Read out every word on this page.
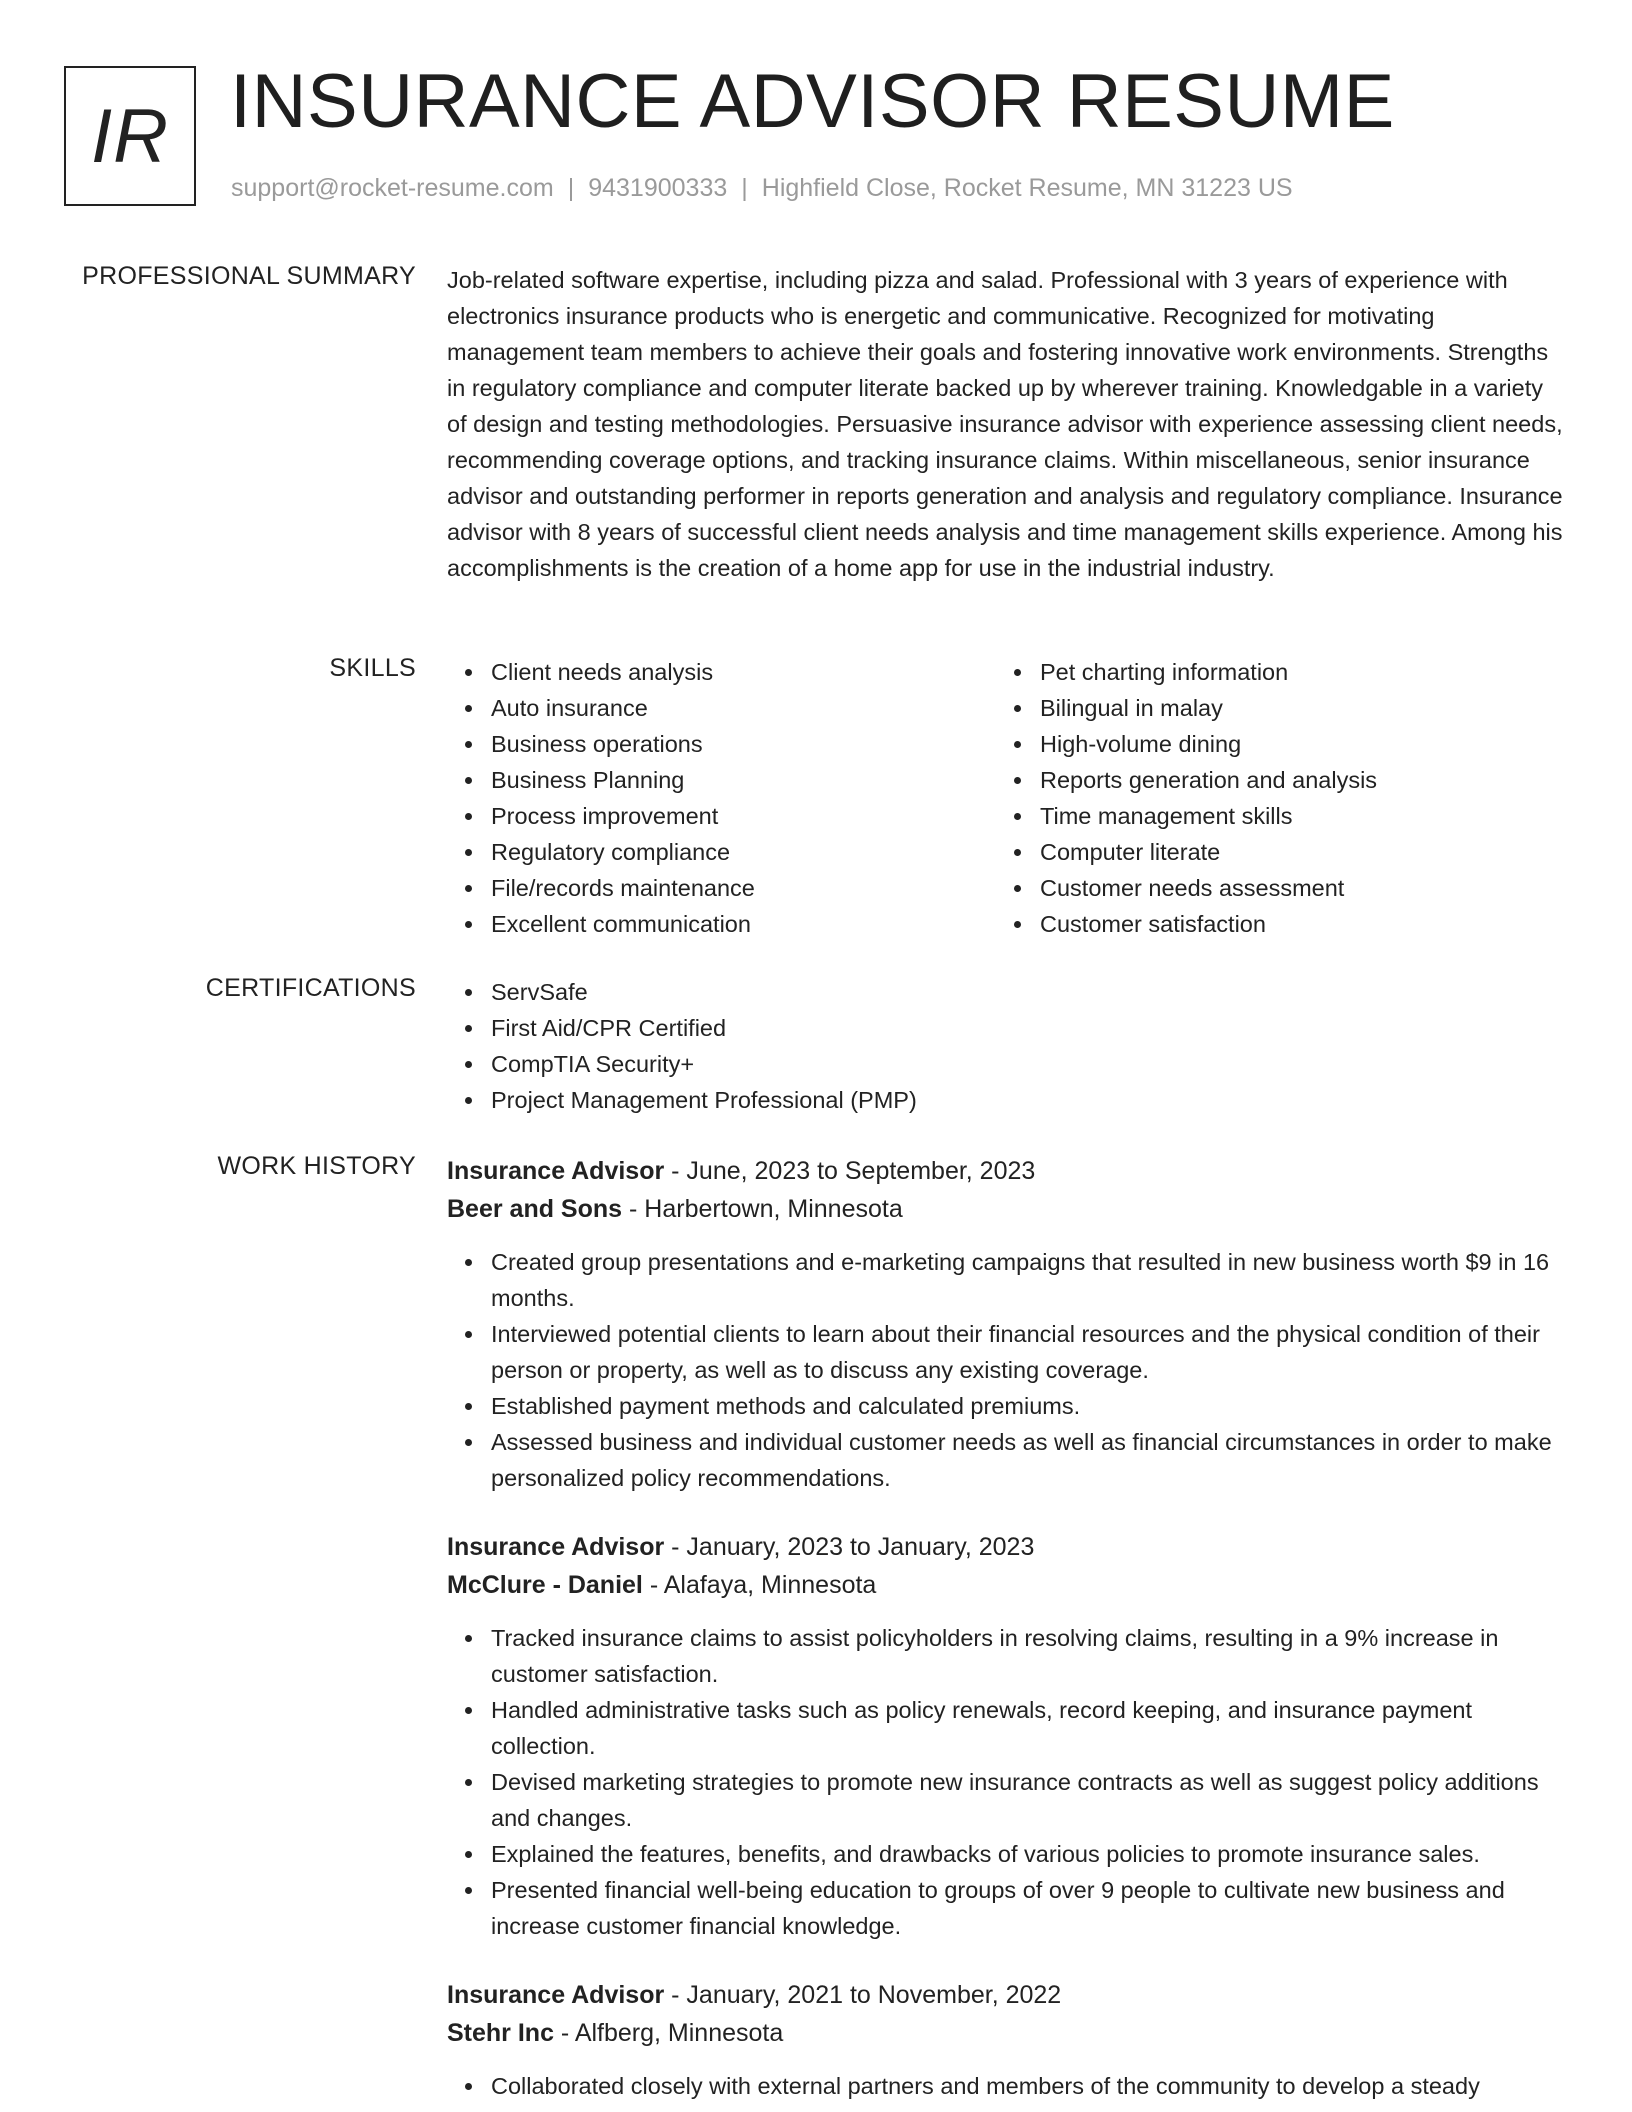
IR INSURANCE ADVISOR RESUME
support@rocket-resume.com | 9431900333 | Highfield Close, Rocket Resume, MN 31223 US
PROFESSIONAL SUMMARY Job-related software expertise, including pizza and salad. Professional with 3 years of experience with electronics insurance products who is energetic and communicative. Recognized for motivating management team members to achieve their goals and fostering innovative work environments. Strengths in regulatory compliance and computer literate backed up by wherever training. Knowledgable in a variety of design and testing methodologies. Persuasive insurance advisor with experience assessing client needs, recommending coverage options, and tracking insurance claims. Within miscellaneous, senior insurance advisor and outstanding performer in reports generation and analysis and regulatory compliance. Insurance advisor with 8 years of successful client needs analysis and time management skills experience. Among his accomplishments is the creation of a home app for use in the industrial industry.

SKILLS	Client needs analysis
Auto insurance
Business operations
Business Planning
Process improvement
Regulatory compliance
File/records maintenance
Excellent communication
Pet charting information
Bilingual in malay
High-volume dining
Reports generation and analysis
Time management skills
Computer literate
Customer needs assessment
Customer satisfaction
CERTIFICATIONS	ServSafe
First Aid/CPR Certified
CompTIA Security+
Project Management Professional (PMP)
WORK HISTORY Insurance Advisor - June, 2023 to September, 2023
Beer and Sons - Harbertown, Minnesota
Created group presentations and e-marketing campaigns that resulted in new business worth $9 in 16 months.
Interviewed potential clients to learn about their financial resources and the physical condition of their person or property, as well as to discuss any existing coverage.
Established payment methods and calculated premiums.
Assessed business and individual customer needs as well as financial circumstances in order to make personalized policy recommendations.
Insurance Advisor - January, 2023 to January, 2023
McClure - Daniel - Alafaya, Minnesota
Tracked insurance claims to assist policyholders in resolving claims, resulting in a 9% increase in customer satisfaction.
Handled administrative tasks such as policy renewals, record keeping, and insurance payment collection.
Devised marketing strategies to promote new insurance contracts as well as suggest policy additions and changes.
Explained the features, benefits, and drawbacks of various policies to promote insurance sales.
Presented financial well-being education to groups of over 9 people to cultivate new business and increase customer financial knowledge.
Insurance Advisor - January, 2021 to November, 2022
Stehr Inc - Alfberg, Minnesota
Collaborated closely with external partners and members of the community to develop a steady
